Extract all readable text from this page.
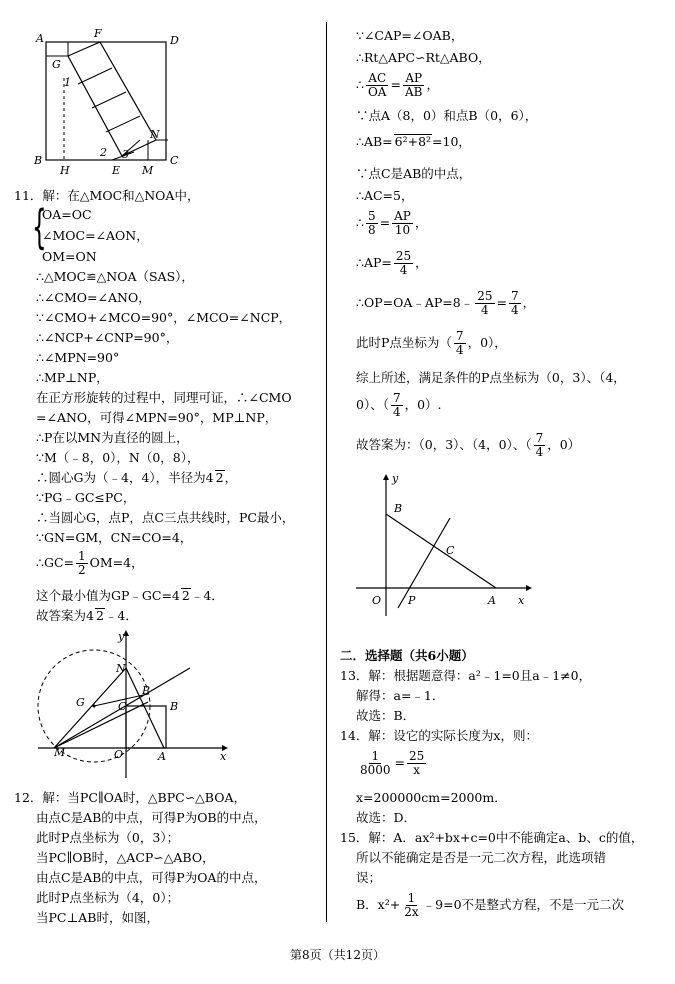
A	F
D
G
1
N
2 3
B
H	E M
C
11．解：在△MOC和△NOA中，
{
OA=OC
∠MOC=∠AON，
OM=ON
∴△MOC≌△NOA（SAS），
∴∠CMO=∠ANO，
∵∠CMO+∠MCO=90°，∠MCO=∠NCP，
∴∠NCP+∠CNP=90°，
∴∠MPN=90°
∴MP⊥NP，
在正方形旋转的过程中，同理可证，∴∠CMO
=∠ANO，可得∠MPN=90°，MP⊥NP，
∴P在以MN为直径的圆上，
∵M（﹣8，0），N（0，8），
∴圆心G为（﹣4，4），半径为4 2，
∵PG﹣GC≤PC，
∴当圆心G，点P，点C三点共线时，PC最小，
∵GN=GM，CN=CO=4，
∴GC= $\frac{1}{2} OM=4$，
这个最小值为GP﹣GC=4 2﹣4．
故答案为4 2﹣4．
y
N
P
G	C	B
M	O	A	x
12．解：当PC∥OA时，△BPC∽△BOA，
由点C是AB的中点，可得P为OB的中点，
此时P点坐标为（0，3）；
当PC∥OB时，△ACP∽△ABO，
由点C是AB的中点，可得P为OA的中点，
此时P点坐标为（4，0）；
当PC⊥AB时，如图，
∵∠CAP=∠OAB，
∴Rt△APC∽Rt△ABO，
∴ $\frac{AC}{OA} = \frac{AP}{AB}$ ，
∵点A（8，0）和点B（0，6），
∴AB= 6²+8²=10，
∵点C是AB的中点，
∴AC=5，
∴ $\frac{5}{8} = \frac{AP}{10}$ ，
∴AP= $\frac{25}{4}$ ，
∴OP=OA﹣AP=8﹣ $\frac{25}{4} = \frac{7}{4}$ ，
此时P点坐标为（ $\frac{7}{4}$ ，0），
综上所述，满足条件的P点坐标为（0，3）、（4，
0）、（ $\frac{7}{4}$ ，0）.
故答案为：（0，3）、（4，0）、（ $\frac{7}{4}$ ，0）
y
B
C
O P	A x
二．选择题（共6小题）
13．解：根据题意得：a²﹣1=0且a﹣1≠0，
解得：a=﹣1．
故选：B．
14．解：设它的实际长度为x，则：
$\frac{1}{8000} = \frac{25}{x}$
x=200000cm=2000m．
故选：D．
15．解：A．ax²+bx+c=0中不能确定a、b、c的值，
所以不能确定是否是一元二次方程，此选项错
误；
B．$x^2+ \frac{1}{2x}$ ﹣9=0不是整式方程，不是一元二次
第8页（共12页）
